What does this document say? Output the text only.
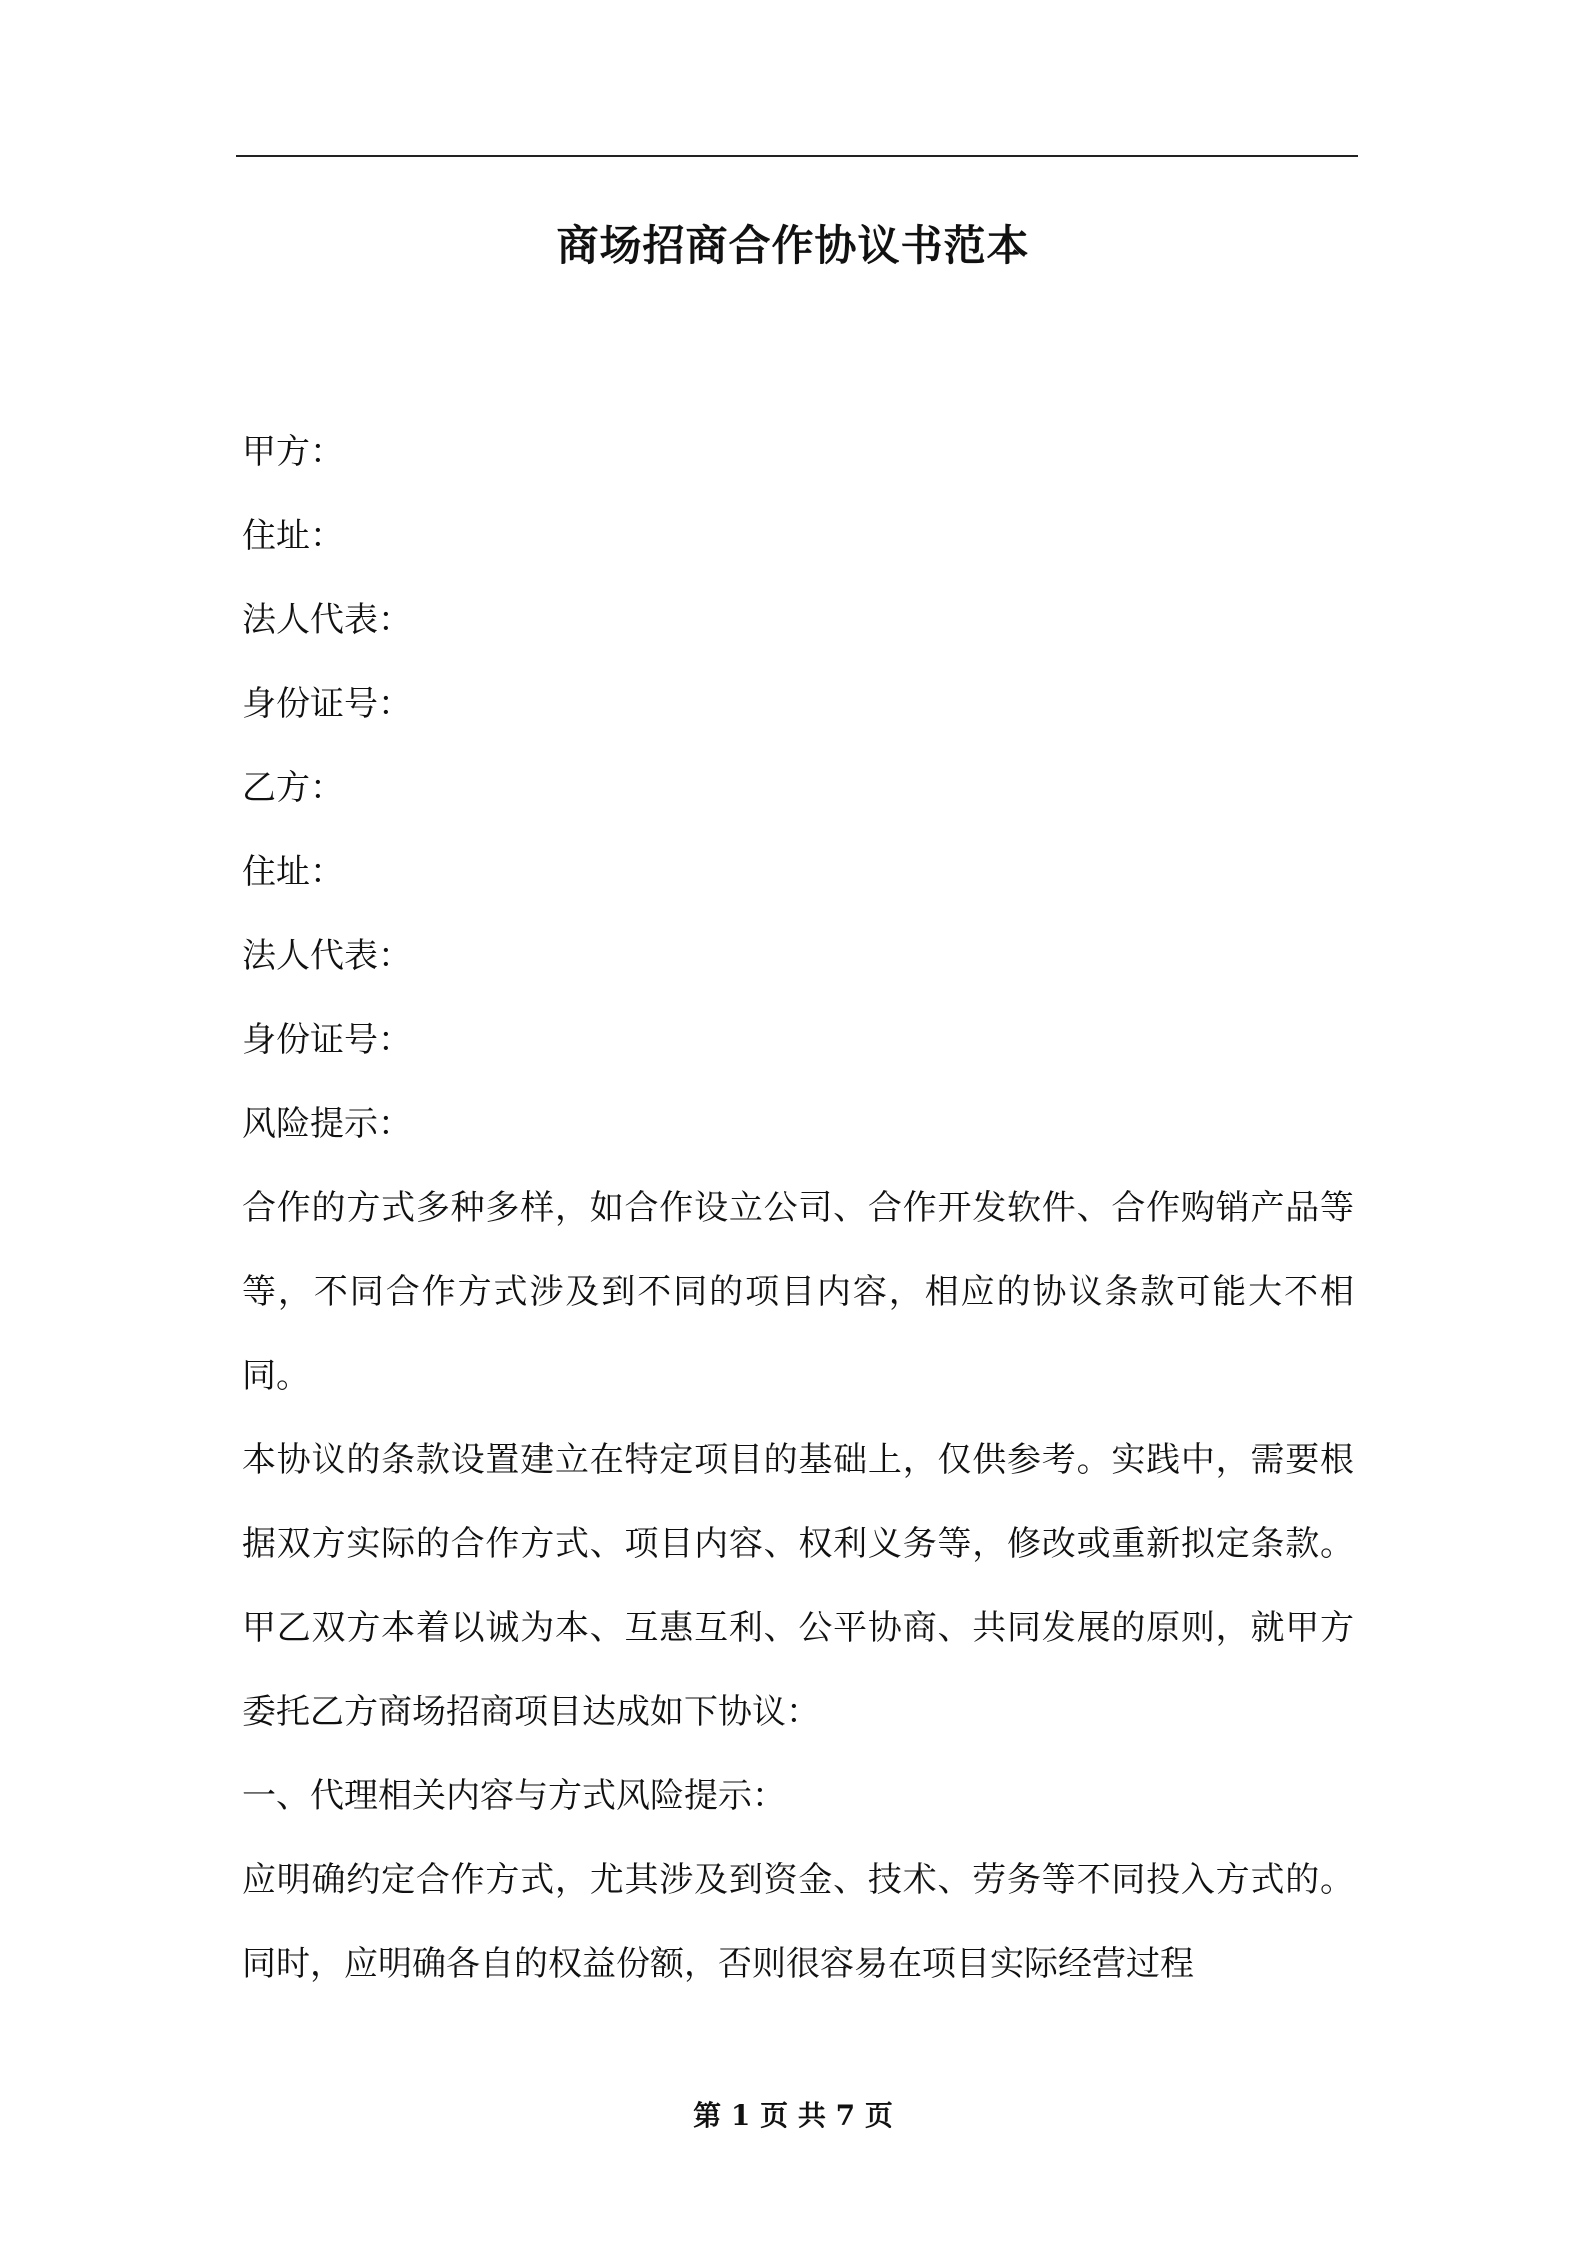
商场招商合作协议书范本

甲方：

住址：

法人代表：

身份证号：

乙方：

住址：

法人代表：

身份证号：

风险提示：

合作的方式多种多样，如合作设立公司、合作开发软件、合作购销产品等等，不同合作方式涉及到不同的项目内容，相应的协议条款可能大不相同。

本协议的条款设置建立在特定项目的基础上，仅供参考。实践中，需要根据双方实际的合作方式、项目内容、权利义务等，修改或重新拟定条款。 甲乙双方本着以诚为本、互惠互利、公平协商、共同发展的原则，就甲方委托乙方商场招商项目达成如下协议：

一、代理相关内容与方式风险提示：

应明确约定合作方式，尤其涉及到资金、技术、劳务等不同投入方式的。同时，应明确各自的权益份额，否则很容易在项目实际经营过程

第 1 页 共 7 页
